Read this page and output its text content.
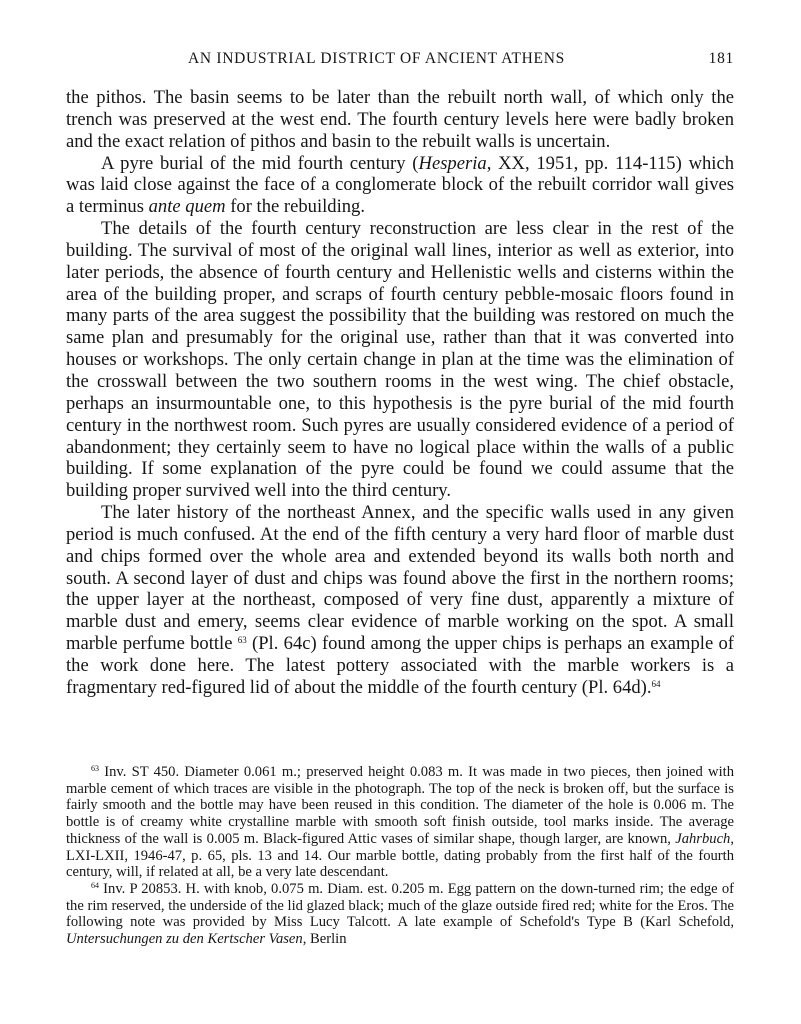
AN INDUSTRIAL DISTRICT OF ANCIENT ATHENS	181

the pithos. The basin seems to be later than the rebuilt north wall, of which only the trench was preserved at the west end. The fourth century levels here were badly broken and the exact relation of pithos and basin to the rebuilt walls is uncertain.

A pyre burial of the mid fourth century (Hesperia, XX, 1951, pp. 114-115) which was laid close against the face of a conglomerate block of the rebuilt corridor wall gives a terminus ante quem for the rebuilding.

The details of the fourth century reconstruction are less clear in the rest of the building. The survival of most of the original wall lines, interior as well as exterior, into later periods, the absence of fourth century and Hellenistic wells and cisterns within the area of the building proper, and scraps of fourth century pebble-mosaic floors found in many parts of the area suggest the possibility that the building was restored on much the same plan and presumably for the original use, rather than that it was converted into houses or workshops. The only certain change in plan at the time was the elimination of the crosswall between the two southern rooms in the west wing. The chief obstacle, perhaps an insurmountable one, to this hypothesis is the pyre burial of the mid fourth century in the northwest room. Such pyres are usually considered evidence of a period of abandonment; they certainly seem to have no logical place within the walls of a public building. If some explanation of the pyre could be found we could assume that the building proper survived well into the third century.

The later history of the northeast Annex, and the specific walls used in any given period is much confused. At the end of the fifth century a very hard floor of marble dust and chips formed over the whole area and extended beyond its walls both north and south. A second layer of dust and chips was found above the first in the northern rooms; the upper layer at the northeast, composed of very fine dust, apparently a mixture of marble dust and emery, seems clear evidence of marble working on the spot. A small marble perfume bottle $^{63}$ (Pl. 64c) found among the upper chips is perhaps an example of the work done here. The latest pottery associated with the marble workers is a fragmentary red-figured lid of about the middle of the fourth century (Pl. 64d).$^{64}$

$^{63}$ Inv. ST 450. Diameter 0.061 m.; preserved height 0.083 m. It was made in two pieces, then joined with marble cement of which traces are visible in the photograph. The top of the neck is broken off, but the surface is fairly smooth and the bottle may have been reused in this condition. The diameter of the hole is 0.006 m. The bottle is of creamy white crystalline marble with smooth soft finish outside, tool marks inside. The average thickness of the wall is 0.005 m. Black-figured Attic vases of similar shape, though larger, are known, Jahrbuch, LXI-LXII, 1946-47, p. 65, pls. 13 and 14. Our marble bottle, dating probably from the first half of the fourth century, will, if related at all, be a very late descendant.

$^{64}$ Inv. P 20853. H. with knob, 0.075 m. Diam. est. 0.205 m. Egg pattern on the down-turned rim; the edge of the rim reserved, the underside of the lid glazed black; much of the glaze outside fired red; white for the Eros. The following note was provided by Miss Lucy Talcott. A late example of Schefold's Type B (Karl Schefold, Untersuchungen zu den Kertscher Vasen, Berlin
